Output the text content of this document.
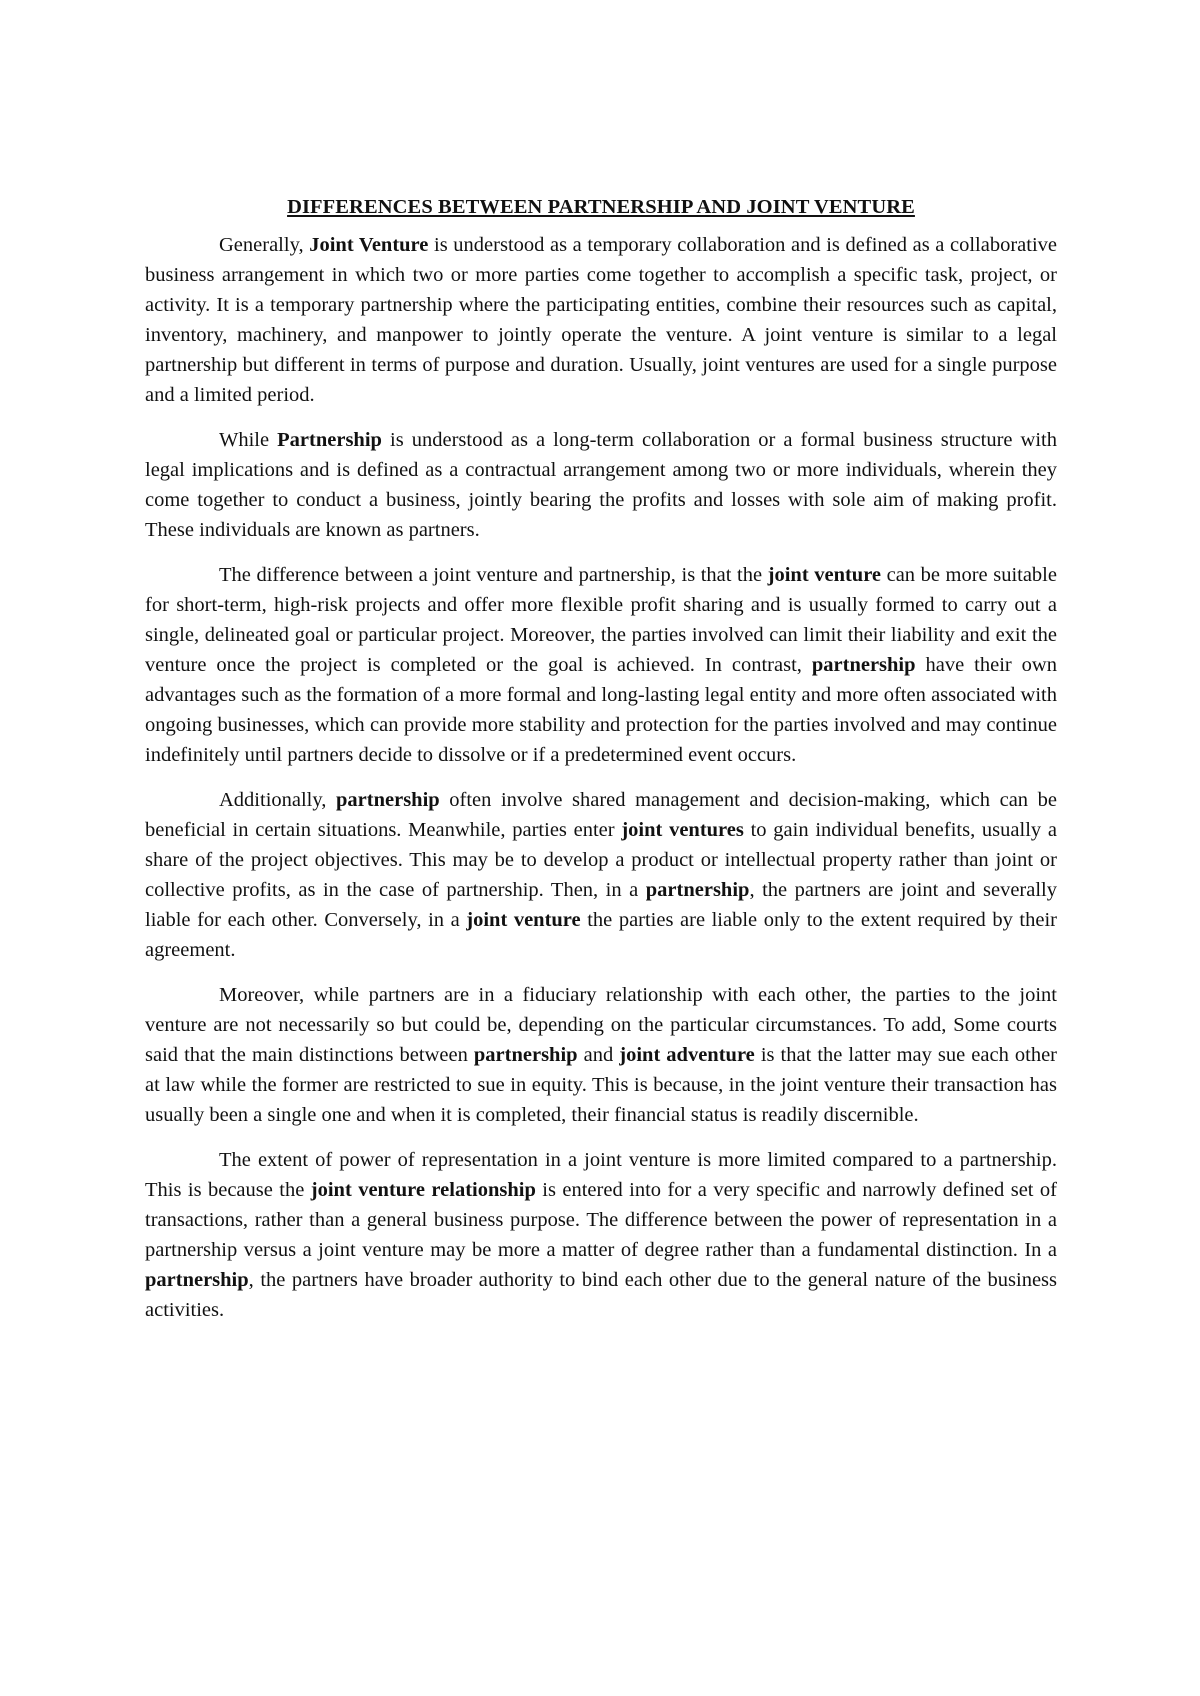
DIFFERENCES BETWEEN PARTNERSHIP AND JOINT VENTURE

Generally, Joint Venture is understood as a temporary collaboration and is defined as a collaborative business arrangement in which two or more parties come together to accomplish a specific task, project, or activity. It is a temporary partnership where the participating entities, combine their resources such as capital, inventory, machinery, and manpower to jointly operate the venture. A joint venture is similar to a legal partnership but different in terms of purpose and duration. Usually, joint ventures are used for a single purpose and a limited period.

While Partnership is understood as a long-term collaboration or a formal business structure with legal implications and is defined as a contractual arrangement among two or more individuals, wherein they come together to conduct a business, jointly bearing the profits and losses with sole aim of making profit. These individuals are known as partners.

The difference between a joint venture and partnership, is that the joint venture can be more suitable for short-term, high-risk projects and offer more flexible profit sharing and is usually formed to carry out a single, delineated goal or particular project. Moreover, the parties involved can limit their liability and exit the venture once the project is completed or the goal is achieved. In contrast, partnership have their own advantages such as the formation of a more formal and long-lasting legal entity and more often associated with ongoing businesses, which can provide more stability and protection for the parties involved and may continue indefinitely until partners decide to dissolve or if a predetermined event occurs.

Additionally, partnership often involve shared management and decision-making, which can be beneficial in certain situations. Meanwhile, parties enter joint ventures to gain individual benefits, usually a share of the project objectives. This may be to develop a product or intellectual property rather than joint or collective profits, as in the case of partnership. Then, in a partnership, the partners are joint and severally liable for each other. Conversely, in a joint venture the parties are liable only to the extent required by their agreement.

Moreover, while partners are in a fiduciary relationship with each other, the parties to the joint venture are not necessarily so but could be, depending on the particular circumstances. To add, Some courts said that the main distinctions between partnership and joint adventure is that the latter may sue each other at law while the former are restricted to sue in equity. This is because, in the joint venture their transaction has usually been a single one and when it is completed, their financial status is readily discernible.

The extent of power of representation in a joint venture is more limited compared to a partnership. This is because the joint venture relationship is entered into for a very specific and narrowly defined set of transactions, rather than a general business purpose. The difference between the power of representation in a partnership versus a joint venture may be more a matter of degree rather than a fundamental distinction. In a partnership, the partners have broader authority to bind each other due to the general nature of the business activities.
